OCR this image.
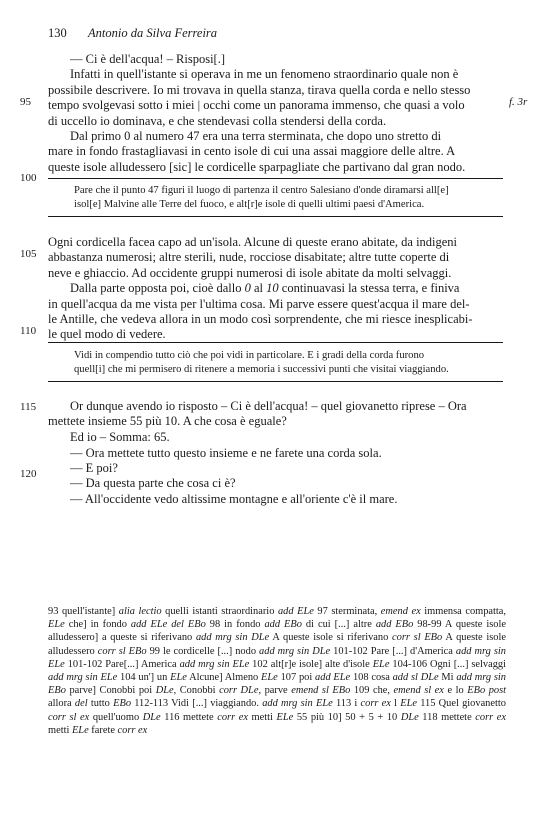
130 Antonio da Silva Ferreira
95
100
105
110
115
120
f. 3r

— Ci è dell'acqua! – Risposi[.]

Infatti in quell'istante si operava in me un fenomeno straordinario quale non è

possibile descrivere. Io mi trovava in quella stanza, tirava quella corda e nello stesso

tempo svolgevasi sotto i miei | occhi come un panorama immenso, che quasi a volo

di uccello io dominava, e che stendevasi colla stendersi della corda.

Dal primo 0 al numero 47 era una terra sterminata, che dopo uno stretto di

mare in fondo frastagliavasi in cento isole di cui una assai maggiore delle altre. A

queste isole alludessero [sic] le cordicelle sparpagliate che partivano dal gran nodo.

Pare che il punto 47 figuri il luogo di partenza il centro Salesiano d'onde diramarsi all[e]
isol[e] Malvine alle Terre del fuoco, e alt[r]e isole di quelli ultimi paesi d'America.

Ogni cordicella facea capo ad un'isola. Alcune di queste erano abitate, da indigeni

abbastanza numerosi; altre sterili, nude, rocciose disabitate; altre tutte coperte di

neve e ghiaccio. Ad occidente gruppi numerosi di isole abitate da molti selvaggi.

Dalla parte opposta poi, cioè dallo 0 al 10 continuavasi la stessa terra, e finiva

in quell'acqua da me vista per l'ultima cosa. Mi parve essere quest'acqua il mare del-

le Antille, che vedeva allora in un modo così sorprendente, che mi riesce inesplicabi-

le quel modo di vedere.

Vidi in compendio tutto ciò che poi vidi in particolare. E i gradi della corda furono
quell[i] che mi permisero di ritenere a memoria i successivi punti che visitai viaggiando.

Or dunque avendo io risposto – Ci è dell'acqua! – quel giovanetto riprese – Ora

mettete insieme 55 più 10. A che cosa è eguale?

Ed io – Somma: 65.
— Ora mettete tutto questo insieme e ne farete una corda sola.
— E poi?
— Da questa parte che cosa ci è?
— All'occidente vedo altissime montagne e all'oriente c'è il mare.
93 quell'istante] alia lectio quelli istanti straordinario add ELe 97 sterminata, emend ex immensa compatta, ELe che] in fondo add ELe del EBo 98 in fondo add EBo di cui [...] altre add EBo 98-99 A queste isole alludessero] a queste si riferivano add mrg sin DLe A queste isole si riferivano corr sl EBo A queste isole alludessero corr sl EBo 99 le cordicelle [...] nodo add mrg sin DLe 101-102 Pare [...] d'America add mrg sin ELe 101-102 Pare[...] America add mrg sin ELe 102 alt[r]e isole] alte d'isole ELe 104-106 Ogni [...] selvaggi add mrg sin ELe 104 un'] un ELe Alcune] Almeno ELe 107 poi add ELe 108 cosa add sl DLe Mi add mrg sin EBo parve] Conobbi poi DLe, Conobbi corr DLe, parve emend sl EBo 109 che, emend sl ex e lo EBo post allora del tutto EBo 112-113 Vidi [...] viaggiando. add mrg sin ELe 113 i corr ex l ELe 115 Quel giovanetto corr sl ex quell'uomo DLe 116 mettete corr ex metti ELe 55 più 10] 50 + 5 + 10 DLe 118 mettete corr ex metti ELe farete corr ex
